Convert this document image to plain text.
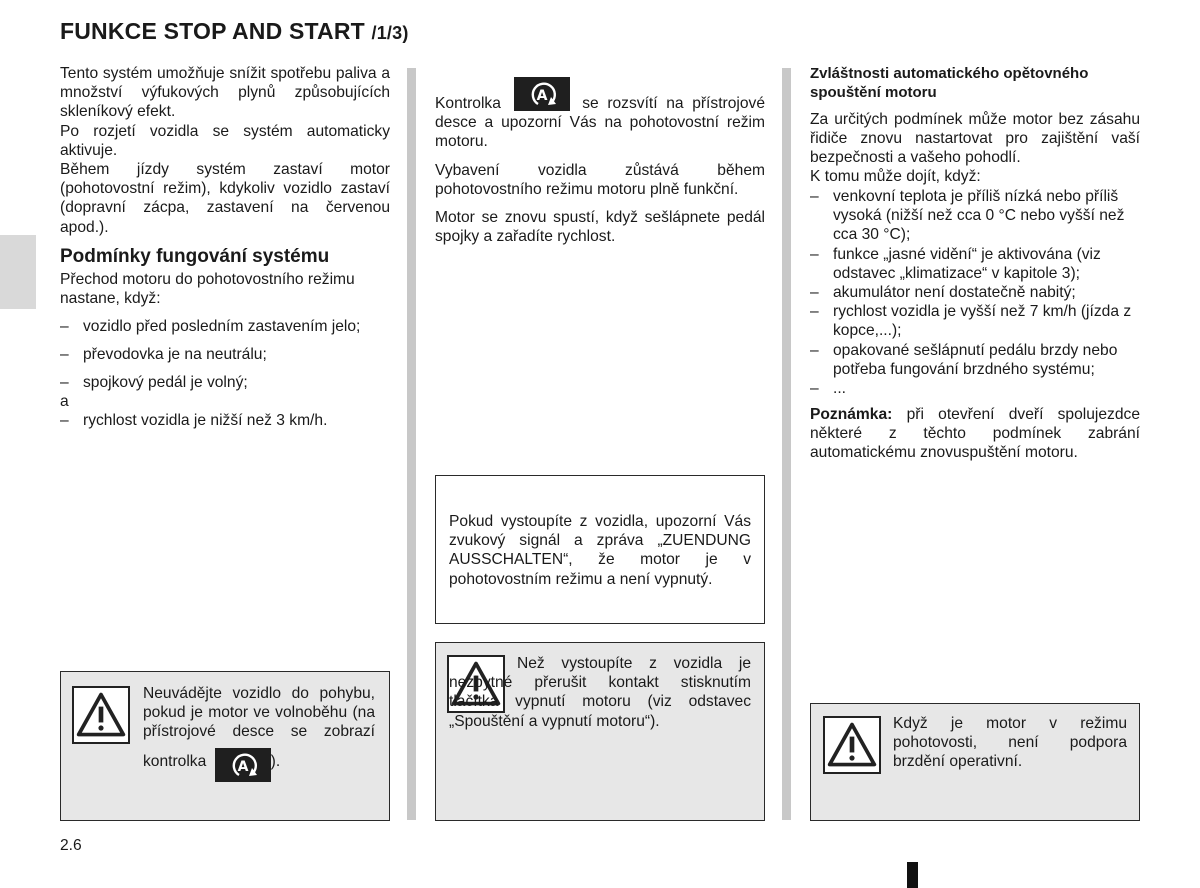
FUNKCE STOP AND START /1/3)
Tento systém umožňuje snížit spotřebu paliva a množství výfukových plynů způsobujících skleníkový efekt.
Po rozjetí vozidla se systém automaticky aktivuje.
Během jízdy systém zastaví motor (pohotovostní režim), kdykoliv vozidlo zastaví (dopravní zácpa, zastavení na červenou apod.).
Podmínky fungování systému
Přechod motoru do pohotovostního režimu nastane, když:
– vozidlo před posledním zastavením jelo;
– převodovka je na neutrálu;
– spojkový pedál je volný;
a
– rychlost vozidla je nižší než 3 km/h.
Neuvádějte vozidlo do pohybu, pokud je motor ve volnoběhu (na přístrojové desce se zobrazí kontrolka A ).
Kontrolka	A se rozsvítí na přístrojové desce a upozorní Vás na pohotovostní režim motoru.
Vybavení vozidla zůstává během pohotovostního režimu motoru plně funkční.
Motor se znovu spustí, když sešlápnete pedál spojky a zařadíte rychlost.
Pokud vystoupíte z vozidla, upozorní Vás zvukový signál a zpráva „ZUENDUNG AUSSCHALTEN“, že motor je v pohotovostním režimu a není vypnutý.
Než vystoupíte z vozidla je nezbytné přerušit kontakt stisknutím tlačítka vypnutí motoru (viz odstavec „Spouštění a vypnutí motoru“).
Zvláštnosti automatického opětovného spouštění motoru
Za určitých podmínek může motor bez zásahu řidiče znovu nastartovat pro zajištění vaší bezpečnosti a vašeho pohodlí.
K tomu může dojít, když:
– venkovní teplota je příliš nízká nebo příliš vysoká (nižší než cca 0 °C nebo vyšší než cca 30 °C);
– funkce „jasné vidění“ je aktivována (viz odstavec „klimatizace“ v kapitole 3);
– akumulátor není dostatečně nabitý;
– rychlost vozidla je vyšší než 7 km/h (jízda z kopce,...);
– opakované sešlápnutí pedálu brzdy nebo potřeba fungování brzdného systému;
– ...
Poznámka: při otevření dveří spolujezdce některé z těchto podmínek zabrání automatickému znovuspuštění motoru.
Když je motor v režimu pohotovosti, není podpora brzdění operativní.
2.6
